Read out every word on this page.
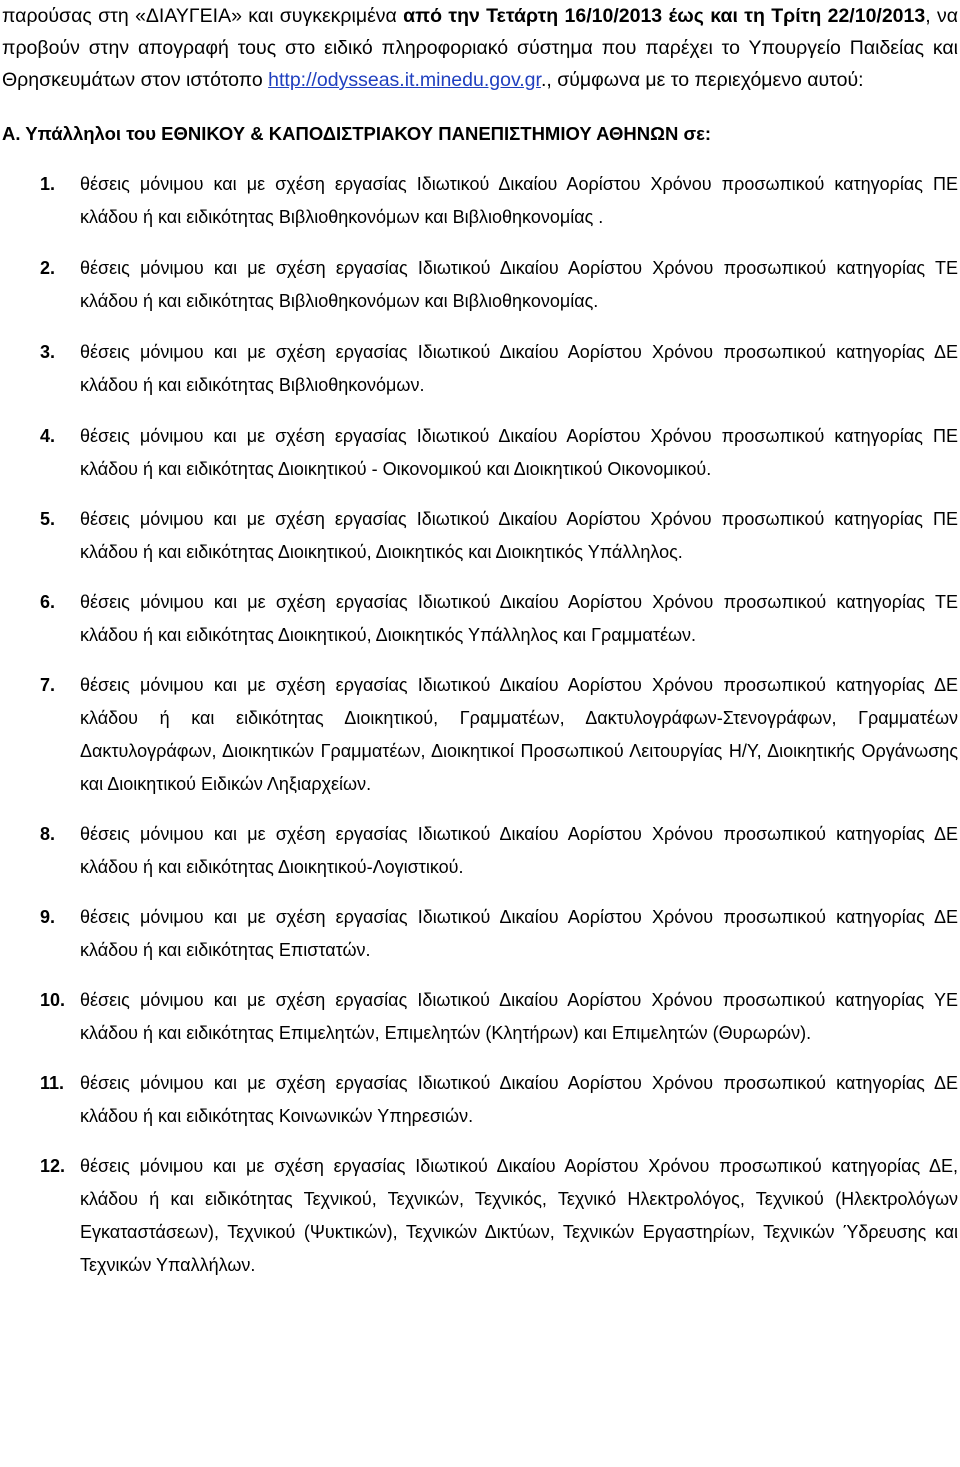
παρούσας στη «ΔΙΑΥΓΕΙΑ» και συγκεκριμένα από την Τετάρτη 16/10/2013 έως και τη Τρίτη 22/10/2013, να προβούν στην απογραφή τους στο ειδικό πληροφοριακό σύστημα που παρέχει το Υπουργείο Παιδείας και Θρησκευμάτων στον ιστότοπο http://odysseas.it.minedu.gov.gr., σύμφωνα με το περιεχόμενο αυτού:

Α. Υπάλληλοι του ΕΘΝΙΚΟΥ & ΚΑΠΟΔΙΣΤΡΙΑΚΟΥ ΠΑΝΕΠΙΣΤΗΜΙΟΥ ΑΘΗΝΩΝ σε:
1. θέσεις μόνιμου και με σχέση εργασίας Ιδιωτικού Δικαίου Αορίστου Χρόνου προσωπικού κατηγορίας ΠΕ κλάδου ή και ειδικότητας Βιβλιοθηκονόμων και Βιβλιοθηκονομίας .
2. θέσεις μόνιμου και με σχέση εργασίας Ιδιωτικού Δικαίου Αορίστου Χρόνου προσωπικού κατηγορίας ΤΕ κλάδου ή και ειδικότητας Βιβλιοθηκονόμων και Βιβλιοθηκονομίας.
3. θέσεις μόνιμου και με σχέση εργασίας Ιδιωτικού Δικαίου Αορίστου Χρόνου προσωπικού κατηγορίας ΔΕ κλάδου ή και ειδικότητας Βιβλιοθηκονόμων.
4. θέσεις μόνιμου και με σχέση εργασίας Ιδιωτικού Δικαίου Αορίστου Χρόνου προσωπικού κατηγορίας ΠΕ κλάδου ή και ειδικότητας Διοικητικού - Οικονομικού και Διοικητικού Οικονομικού.
5. θέσεις μόνιμου και με σχέση εργασίας Ιδιωτικού Δικαίου Αορίστου Χρόνου προσωπικού κατηγορίας ΠΕ κλάδου ή και ειδικότητας Διοικητικού, Διοικητικός και Διοικητικός Υπάλληλος.
6. θέσεις μόνιμου και με σχέση εργασίας Ιδιωτικού Δικαίου Αορίστου Χρόνου προσωπικού κατηγορίας ΤΕ κλάδου ή και ειδικότητας Διοικητικού, Διοικητικός Υπάλληλος και Γραμματέων.
7. θέσεις μόνιμου και με σχέση εργασίας Ιδιωτικού Δικαίου Αορίστου Χρόνου προσωπικού κατηγορίας ΔΕ κλάδου ή και ειδικότητας Διοικητικού, Γραμματέων, Δακτυλογράφων-Στενογράφων, Γραμματέων Δακτυλογράφων, Διοικητικών Γραμματέων, Διοικητικοί Προσωπικού Λειτουργίας Η/Υ, Διοικητικής Οργάνωσης και Διοικητικού Ειδικών Ληξιαρχείων.
8. θέσεις μόνιμου και με σχέση εργασίας Ιδιωτικού Δικαίου Αορίστου Χρόνου προσωπικού κατηγορίας ΔΕ κλάδου ή και ειδικότητας Διοικητικού-Λογιστικού.
9. θέσεις μόνιμου και με σχέση εργασίας Ιδιωτικού Δικαίου Αορίστου Χρόνου προσωπικού κατηγορίας ΔΕ κλάδου ή και ειδικότητας Επιστατών.
10. θέσεις μόνιμου και με σχέση εργασίας Ιδιωτικού Δικαίου Αορίστου Χρόνου προσωπικού κατηγορίας ΥΕ κλάδου ή και ειδικότητας Επιμελητών, Επιμελητών (Κλητήρων) και Επιμελητών (Θυρωρών).
11. θέσεις μόνιμου και με σχέση εργασίας Ιδιωτικού Δικαίου Αορίστου Χρόνου προσωπικού κατηγορίας ΔΕ κλάδου ή και ειδικότητας Κοινωνικών Υπηρεσιών.
12. θέσεις μόνιμου και με σχέση εργασίας Ιδιωτικού Δικαίου Αορίστου Χρόνου προσωπικού κατηγορίας ΔΕ, κλάδου ή και ειδικότητας Τεχνικού, Τεχνικών, Τεχνικός, Τεχνικό Ηλεκτρολόγος, Τεχνικού (Ηλεκτρολόγων Εγκαταστάσεων), Τεχνικού (Ψυκτικών), Τεχνικών Δικτύων, Τεχνικών Εργαστηρίων, Τεχνικών Ύδρευσης και Τεχνικών Υπαλλήλων.
